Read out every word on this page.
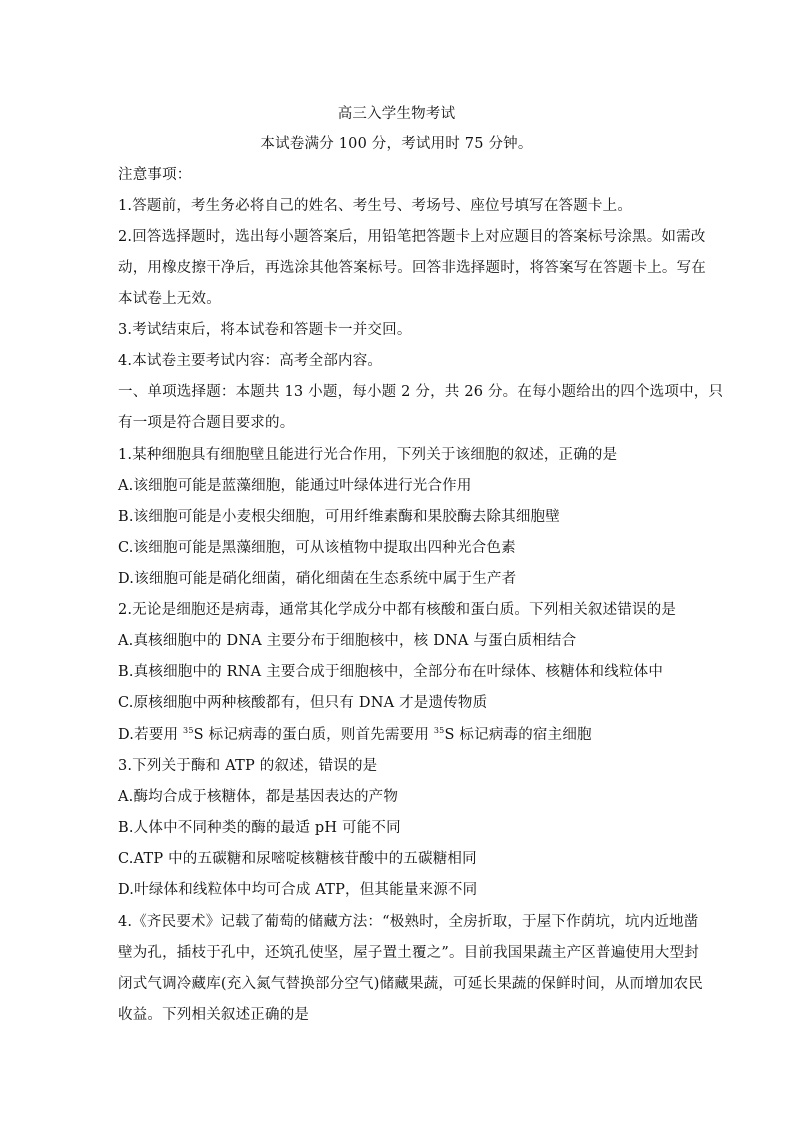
高三入学生物考试
本试卷满分 100 分，考试用时 75 分钟。
注意事项：
1.答题前，考生务必将自己的姓名、考生号、考场号、座位号填写在答题卡上。
2.回答选择题时，选出每小题答案后，用铅笔把答题卡上对应题目的答案标号涂黑。如需改
动，用橡皮擦干净后，再选涂其他答案标号。回答非选择题时，将答案写在答题卡上。写在
本试卷上无效。
3.考试结束后，将本试卷和答题卡一并交回。
4.本试卷主要考试内容：高考全部内容。
一、单项选择题：本题共 13 小题，每小题 2 分，共 26 分。在每小题给出的四个选项中，只
有一项是符合题目要求的。
1.某种细胞具有细胞壁且能进行光合作用，下列关于该细胞的叙述，正确的是
A.该细胞可能是蓝藻细胞，能通过叶绿体进行光合作用
B.该细胞可能是小麦根尖细胞，可用纤维素酶和果胶酶去除其细胞壁
C.该细胞可能是黑藻细胞，可从该植物中提取出四种光合色素
D.该细胞可能是硝化细菌，硝化细菌在生态系统中属于生产者
2.无论是细胞还是病毒，通常其化学成分中都有核酸和蛋白质。下列相关叙述错误的是
A.真核细胞中的 DNA 主要分布于细胞核中，核 DNA 与蛋白质相结合
B.真核细胞中的 RNA 主要合成于细胞核中，全部分布在叶绿体、核糖体和线粒体中
C.原核细胞中两种核酸都有，但只有 DNA 才是遗传物质
D.若要用 $^{35}$S 标记病毒的蛋白质，则首先需要用 $^{35}$S 标记病毒的宿主细胞
3.下列关于酶和 ATP 的叙述，错误的是
A.酶均合成于核糖体，都是基因表达的产物
B.人体中不同种类的酶的最适 pH 可能不同
C.ATP 中的五碳糖和尿嘧啶核糖核苷酸中的五碳糖相同
D.叶绿体和线粒体中均可合成 ATP，但其能量来源不同
4.《齐民要术》记载了葡萄的储藏方法：“极熟时，全房折取，于屋下作荫坑，坑内近地凿
壁为孔，插枝于孔中，还筑孔使坚，屋子置土覆之”。目前我国果蔬主产区普遍使用大型封
闭式气调冷藏库(充入氮气替换部分空气)储藏果蔬，可延长果蔬的保鲜时间，从而增加农民
收益。下列相关叙述正确的是
